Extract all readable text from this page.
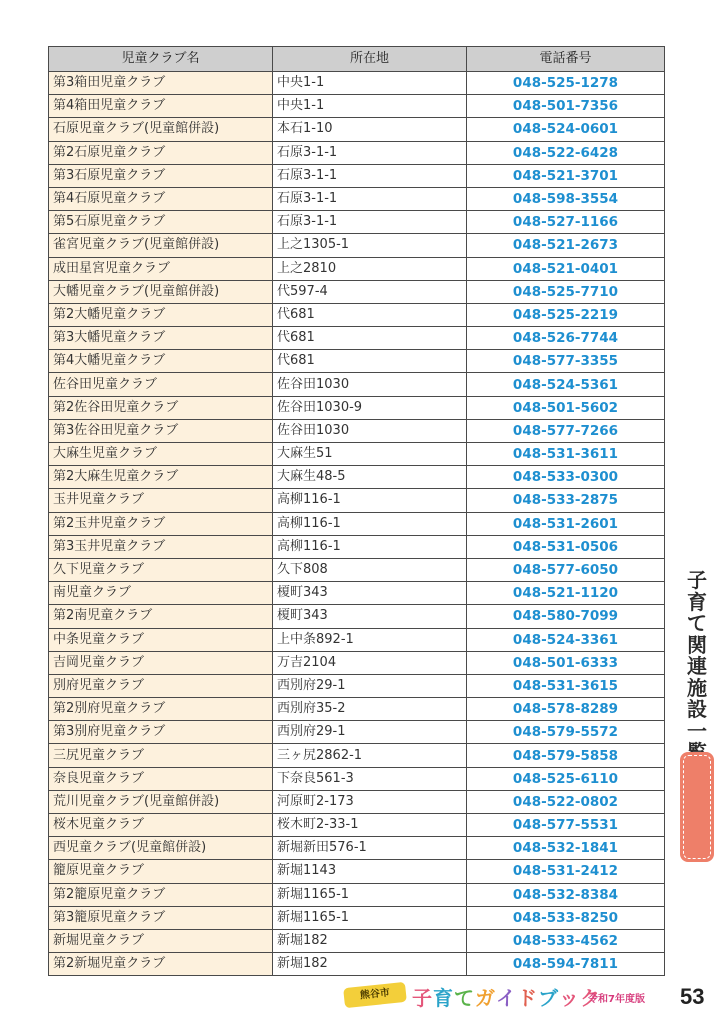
児童クラブ名	所在地	電話番号
第3箱田児童クラブ	中央1-1	048-525-1278
第4箱田児童クラブ	中央1-1	048-501-7356
石原児童クラブ(児童館併設)	本石1-10	048-524-0601
第2石原児童クラブ	石原3-1-1	048-522-6428
第3石原児童クラブ	石原3-1-1	048-521-3701
第4石原児童クラブ	石原3-1-1	048-598-3554
第5石原児童クラブ	石原3-1-1	048-527-1166
雀宮児童クラブ(児童館併設)	上之1305-1	048-521-2673
成田星宮児童クラブ	上之2810	048-521-0401
大幡児童クラブ(児童館併設)	代597-4	048-525-7710
第2大幡児童クラブ	代681	048-525-2219
第3大幡児童クラブ	代681	048-526-7744
第4大幡児童クラブ	代681	048-577-3355
佐谷田児童クラブ	佐谷田1030	048-524-5361
第2佐谷田児童クラブ	佐谷田1030-9	048-501-5602
第3佐谷田児童クラブ	佐谷田1030	048-577-7266
大麻生児童クラブ	大麻生51	048-531-3611
第2大麻生児童クラブ	大麻生48-5	048-533-0300
玉井児童クラブ	高柳116-1	048-533-2875
第2玉井児童クラブ	高柳116-1	048-531-2601
第3玉井児童クラブ	高柳116-1	048-531-0506
久下児童クラブ	久下808	048-577-6050
南児童クラブ	榎町343	048-521-1120
第2南児童クラブ	榎町343	048-580-7099
中条児童クラブ	上中条892-1	048-524-3361
吉岡児童クラブ	万吉2104	048-501-6333
別府児童クラブ	西別府29-1	048-531-3615
第2別府児童クラブ	西別府35-2	048-578-8289
第3別府児童クラブ	西別府29-1	048-579-5572
三尻児童クラブ	三ヶ尻2862-1	048-579-5858
奈良児童クラブ	下奈良561-3	048-525-6110
荒川児童クラブ(児童館併設)	河原町2-173	048-522-0802
桜木児童クラブ	桜木町2-33-1	048-577-5531
西児童クラブ(児童館併設)	新堀新田576-1	048-532-1841
籠原児童クラブ	新堀1143	048-531-2412
第2籠原児童クラブ	新堀1165-1	048-532-8384
第3籠原児童クラブ	新堀1165-1	048-533-8250
新堀児童クラブ	新堀182	048-533-4562
第2新堀児童クラブ	新堀182	048-594-7811
子
育
て
関
連
施
設
一
熊谷市	子育てガイドブック
令和7年度版 53
